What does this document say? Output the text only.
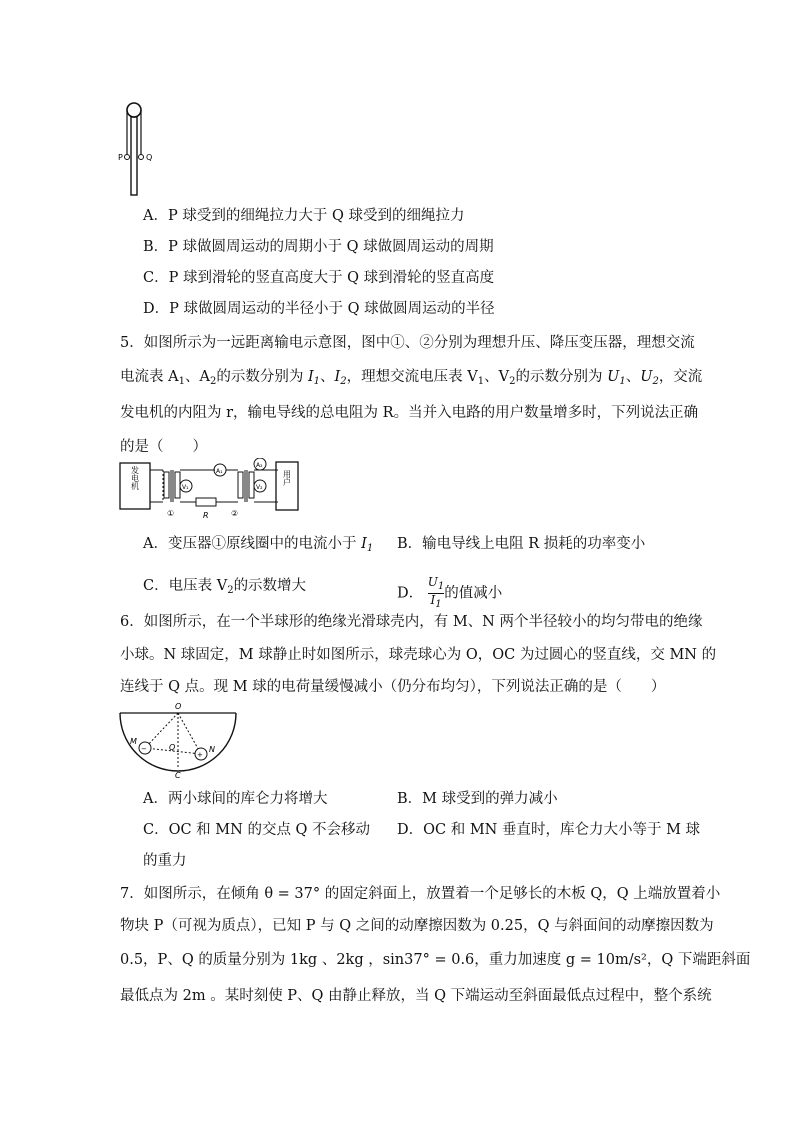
P	Q
A．P 球受到的细绳拉力大于 Q 球受到的细绳拉力
B．P 球做圆周运动的周期小于 Q 球做圆周运动的周期
C．P 球到滑轮的竖直高度大于 Q 球到滑轮的竖直高度
D．P 球做圆周运动的半径小于 Q 球做圆周运动的半径
5．如图所示为一远距离输电示意图，图中①、②分别为理想升压、降压变压器，理想交流
电流表 $A_1$、$A_2$的示数分别为 $I_1$、$I_2$，理想交流电压表 $V_1$、$V_2$的示数分别为 $U_1$、$U_2$，交流
发电机的内阻为 r，输电导线的总电阻为 R。当并入电路的用户数量增多时，下列说法正确
的是（　　）
发电机
①
V₁
A₁
R	②
V₂
A₂
用户
A．变压器①原线圈中的电流小于 $I_1$ B．输电导线上电阻 R 损耗的功率变小
C．电压表 $V_2$的示数增大	D． $\frac{U_1}{I_1}$ 的值减小
6．如图所示，在一个半球形的绝缘光滑球壳内，有 M、N 两个半径较小的均匀带电的绝缘
小球。N 球固定，M 球静止时如图所示，球壳球心为 O，OC 为过圆心的竖直线，交 MN 的
连线于 Q 点。现 M 球的电荷量缓慢减小（仍分布均匀），下列说法正确的是（　　）
O
−
+
M
N
Q
C
A．两小球间的库仑力将增大	B．M 球受到的弹力减小
C．OC 和 MN 的交点 Q 不会移动 D．OC 和 MN 垂直时，库仑力大小等于 M 球
的重力
7．如图所示，在倾角 θ = 37° 的固定斜面上，放置着一个足够长的木板 Q，Q 上端放置着小
物块 P（可视为质点），已知 P 与 Q 之间的动摩擦因数为 0.25，Q 与斜面间的动摩擦因数为
0.5，P、Q 的质量分别为 1kg 、2kg ，sin37° = 0.6，重力加速度 g = 10m/s²，Q 下端距斜面
最低点为 2m 。某时刻使 P、Q 由静止释放，当 Q 下端运动至斜面最低点过程中，整个系统
